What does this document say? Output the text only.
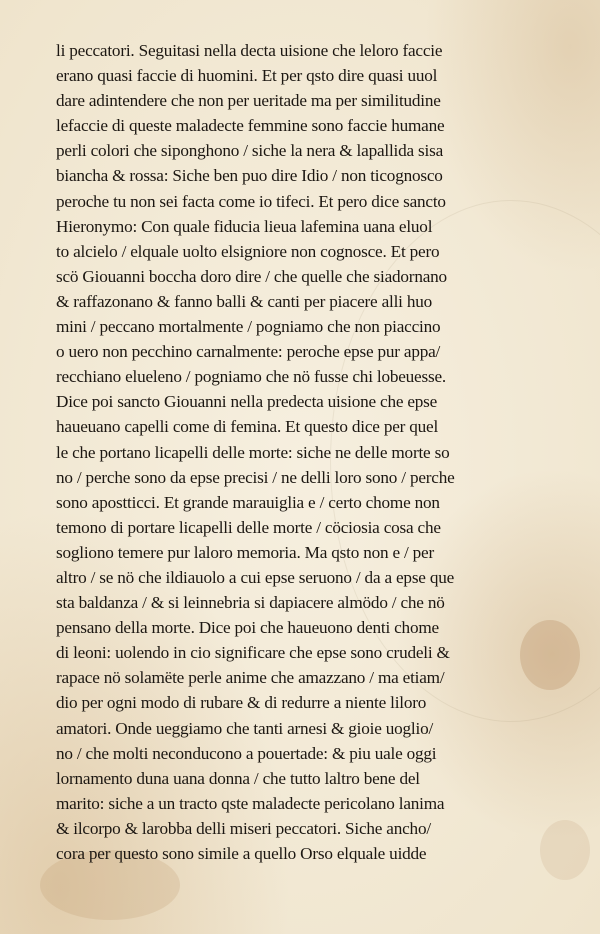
li peccatori. Seguitasi nella decta uisione che leloro faccie
erano quasi faccie di huomini. Et per qsto dire quasi uuol
dare adintendere che non per ueritade ma per similitudine
lefaccie di queste maladecte femmine sono faccie humane
perli colori che siponghono / siche la nera & lapallida sisa
biancha & rossa: Siche ben puo dire Idio / non ticognosco
peroche tu non sei facta come io tifeci. Et pero dice sancto
Hieronymo: Con quale fiducia lieua lafemina uana eluol
to alcielo / elquale uolto elsigniore non cognosce. Et pero
scö Giouanni boccha doro dire / che quelle che siadornano
& raffazonano & fanno balli & canti per piacere alli huo
mini / peccano mortalmente / pogniamo che non piaccino
o uero non pecchino carnalmente: peroche epse pur appa/
recchiano eluelenо / pogniamo che nö fusse chi lobeuesse.
Dice poi sancto Giouanni nella predecta uisione che epse
haueuano capelli come di femina. Et questo dice per quel
le che portano licapelli delle morte: siche ne delle morte so
no / perche sono da epse precisi / ne delli loro sono / perche
sono apostticci. Et grande marauiglia e / certo chome non
temono di portare licapelli delle morte / cöciosia cosa che
sogliono temere pur laloro memoria. Ma qsto non e / per
altro / se nö che ildiauolo a cui epse seruono / da a epse que
sta baldanza / & si leinnebria si dapiacere almödo / che nö
pensano della morte. Dice poi che haueuono denti chome
di leoni: uolendo in cio significare che epse sono crudeli &
rapace nö solamëte perle anime che amazzano / ma etiam/
dio per ogni modo di rubare & di redurre a niente liloro
amatori. Onde ueggiamo che tanti arnesi & gioie uoglio/
no / che molti neconducono a pouertade: & piu uale oggi
lornamento duna uana donna / che tutto laltro bene del
marito: siche a un tracto qste maladecte pericolano lanima
& ilcorpo & larobba delli miseri peccatori. Siche ancho/
cora per questo sono simile a quello Orso elquale uidde
